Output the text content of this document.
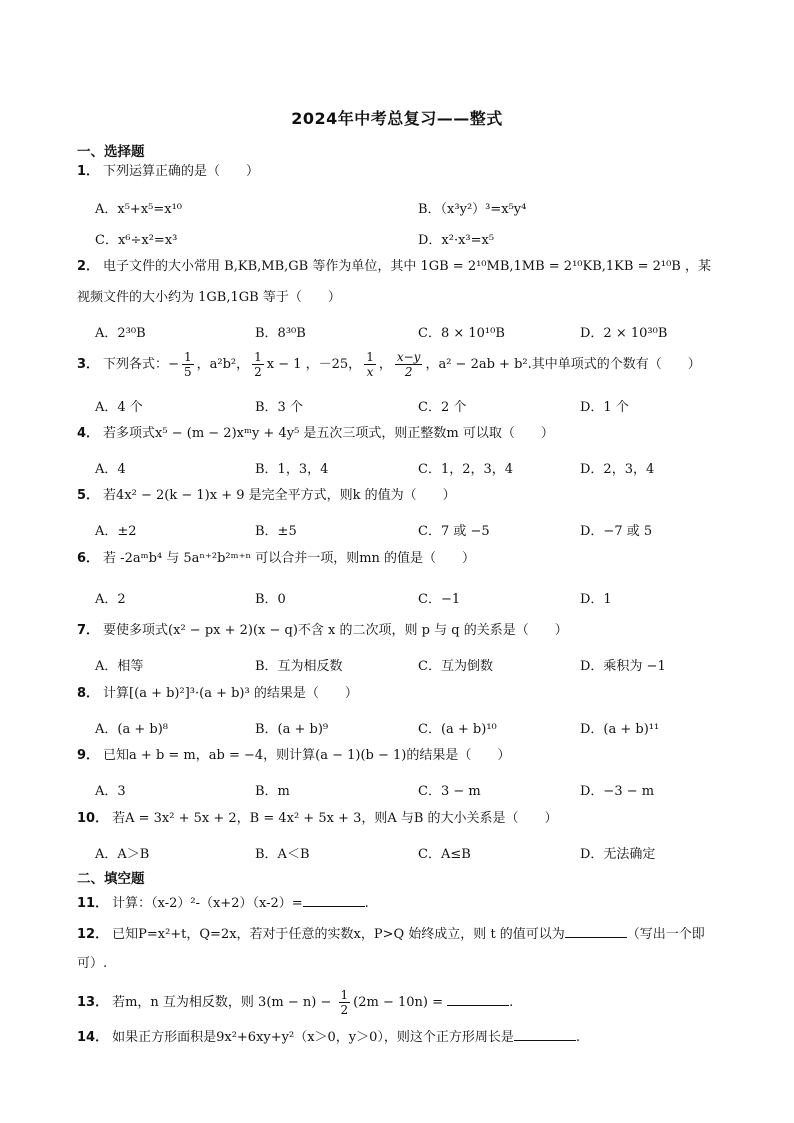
2024年中考总复习——整式
一、选择题
1． 下列运算正确的是（　　）
A．x⁵+x⁵=x¹⁰	B．（x³y²）³=x⁵y⁴
C．x⁶÷x²=x³	D．x²·x³=x⁵
2． 电子文件的大小常用 B,KB,MB,GB 等作为单位，其中 1GB = 2¹⁰MB,1MB = 2¹⁰KB,1KB = 2¹⁰B ，某
视频文件的大小约为 1GB,1GB 等于（　　）
A．2³⁰B	B．8³⁰B	C．8 × 10¹⁰B	D．2 × 10³⁰B
3． 下列各式：− $\frac{1}{5}$ ，a²b²， $\frac{1}{2}$ x − 1 ，－25， $\frac{1}{x}$ ， $\frac{x-y}{2}$ ，a² − 2ab + b².其中单项式的个数有（　　）
A．4 个	B．3 个	C．2 个	D．1 个
4． 若多项式x⁵ − (m − 2)xᵐy + 4y⁵ 是五次三项式，则正整数m 可以取（　　）
A．4	B．1，3，4	C．1，2，3，4	D．2，3，4
5． 若4x² − 2(k − 1)x + 9 是完全平方式，则k 的值为（　　）
A．±2	B．±5	C．7 或 −5	D．−7 或 5
6． 若 -2aᵐb⁴ 与 5aⁿ⁺²b²ᵐ⁺ⁿ 可以合并一项，则mn 的值是（　　）
A．2	B．0	C．−1	D．1
7． 要使多项式(x² − px + 2)(x − q)不含 x 的二次项，则 p 与 q 的关系是（　　）
A．相等	B．互为相反数	C．互为倒数	D．乘积为 −1
8． 计算[(a + b)²]³·(a + b)³ 的结果是（　　）
A．(a + b)⁸	B．(a + b)⁹	C．(a + b)¹⁰	D．(a + b)¹¹
9． 已知a + b = m，ab = −4，则计算(a − 1)(b − 1)的结果是（　　）
A．3	B．m	C．3 − m	D．−3 − m
10． 若A = 3x² + 5x + 2，B = 4x² + 5x + 3，则A 与B 的大小关系是（　　）
A．A＞B	B．A＜B	C．A≤B	D．无法确定
二、填空题
11． 计算：（x-2）²-（x+2）（x-2）=	.
12． 已知P=x²+t，Q=2x，若对于任意的实数x，P>Q 始终成立，则 t 的值可以为	（写出一个即
可）.
13． 若m，n 互为相反数，则 $3(m - n) - \frac{1}{2} (2m - 10n)$ =	.
14． 如果正方形面积是9x²+6xy+y²（x＞0，y＞0），则这个正方形周长是	.
